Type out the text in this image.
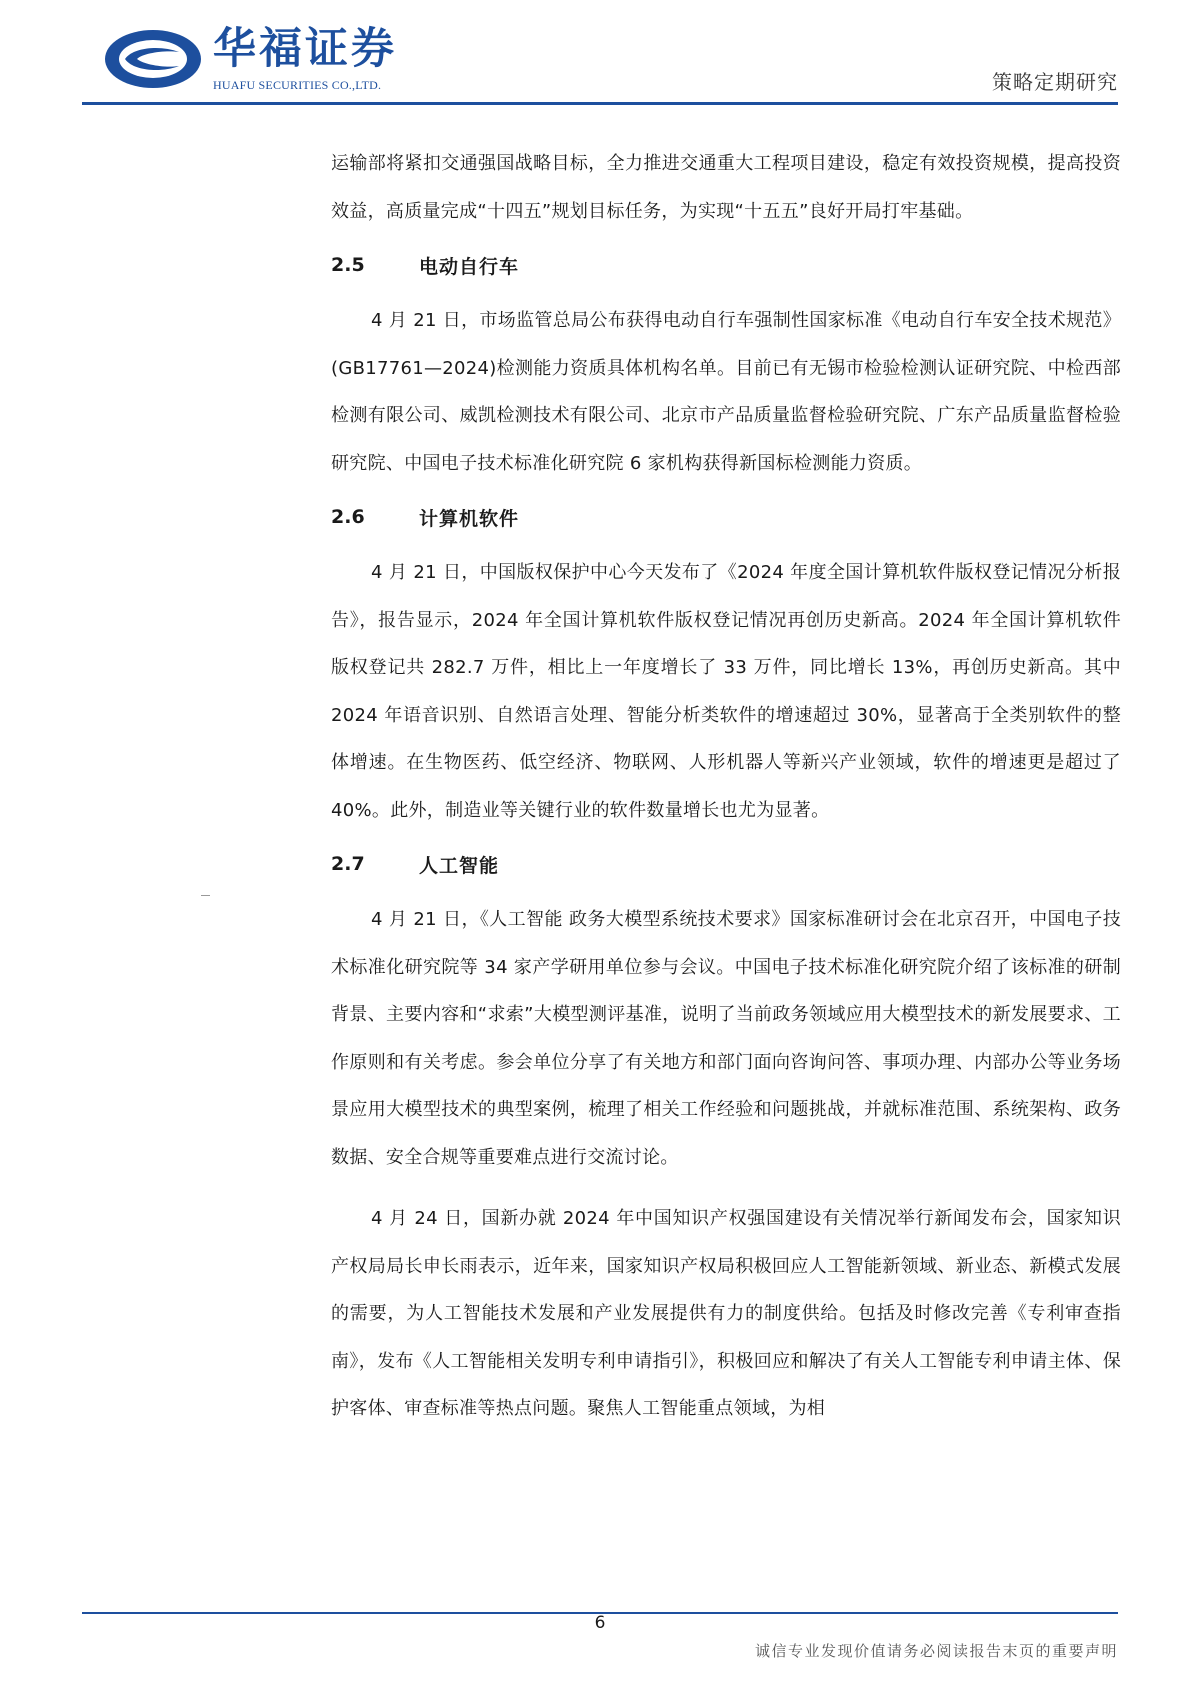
华福证券
HUAFU SECURITIES CO.,LTD.	策略定期研究

运输部将紧扣交通强国战略目标，全力推进交通重大工程项目建设，稳定有效投资规模，提高投资效益，高质量完成“十四五”规划目标任务，为实现“十五五”良好开局打牢基础。

2.5	电动自行车

4 月 21 日，市场监管总局公布获得电动自行车强制性国家标准《电动自行车安全技术规范》(GB17761—2024)检测能力资质具体机构名单。目前已有无锡市检验检测认证研究院、中检西部检测有限公司、威凯检测技术有限公司、北京市产品质量监督检验研究院、广东产品质量监督检验研究院、中国电子技术标准化研究院 6 家机构获得新国标检测能力资质。

2.6	计算机软件

4 月 21 日，中国版权保护中心今天发布了《2024 年度全国计算机软件版权登记情况分析报告》，报告显示，2024 年全国计算机软件版权登记情况再创历史新高。2024 年全国计算机软件版权登记共 282.7 万件，相比上一年度增长了 33 万件，同比增长 13%，再创历史新高。其中 2024 年语音识别、自然语言处理、智能分析类软件的增速超过 30%，显著高于全类别软件的整体增速。在生物医药、低空经济、物联网、人形机器人等新兴产业领域，软件的增速更是超过了 40%。此外，制造业等关键行业的软件数量增长也尤为显著。

2.7	人工智能

4 月 21 日，《人工智能 政务大模型系统技术要求》国家标准研讨会在北京召开，中国电子技术标准化研究院等 34 家产学研用单位参与会议。中国电子技术标准化研究院介绍了该标准的研制背景、主要内容和“求索”大模型测评基准，说明了当前政务领域应用大模型技术的新发展要求、工作原则和有关考虑。参会单位分享了有关地方和部门面向咨询问答、事项办理、内部办公等业务场景应用大模型技术的典型案例，梳理了相关工作经验和问题挑战，并就标准范围、系统架构、政务数据、安全合规等重要难点进行交流讨论。

4 月 24 日，国新办就 2024 年中国知识产权强国建设有关情况举行新闻发布会，国家知识产权局局长申长雨表示，近年来，国家知识产权局积极回应人工智能新领域、新业态、新模式发展的需要，为人工智能技术发展和产业发展提供有力的制度供给。包括及时修改完善《专利审查指南》，发布《人工智能相关发明专利申请指引》，积极回应和解决了有关人工智能专利申请主体、保护客体、审查标准等热点问题。聚焦人工智能重点领域，为相

6
诚信专业发现价值请务必阅读报告末页的重要声明
